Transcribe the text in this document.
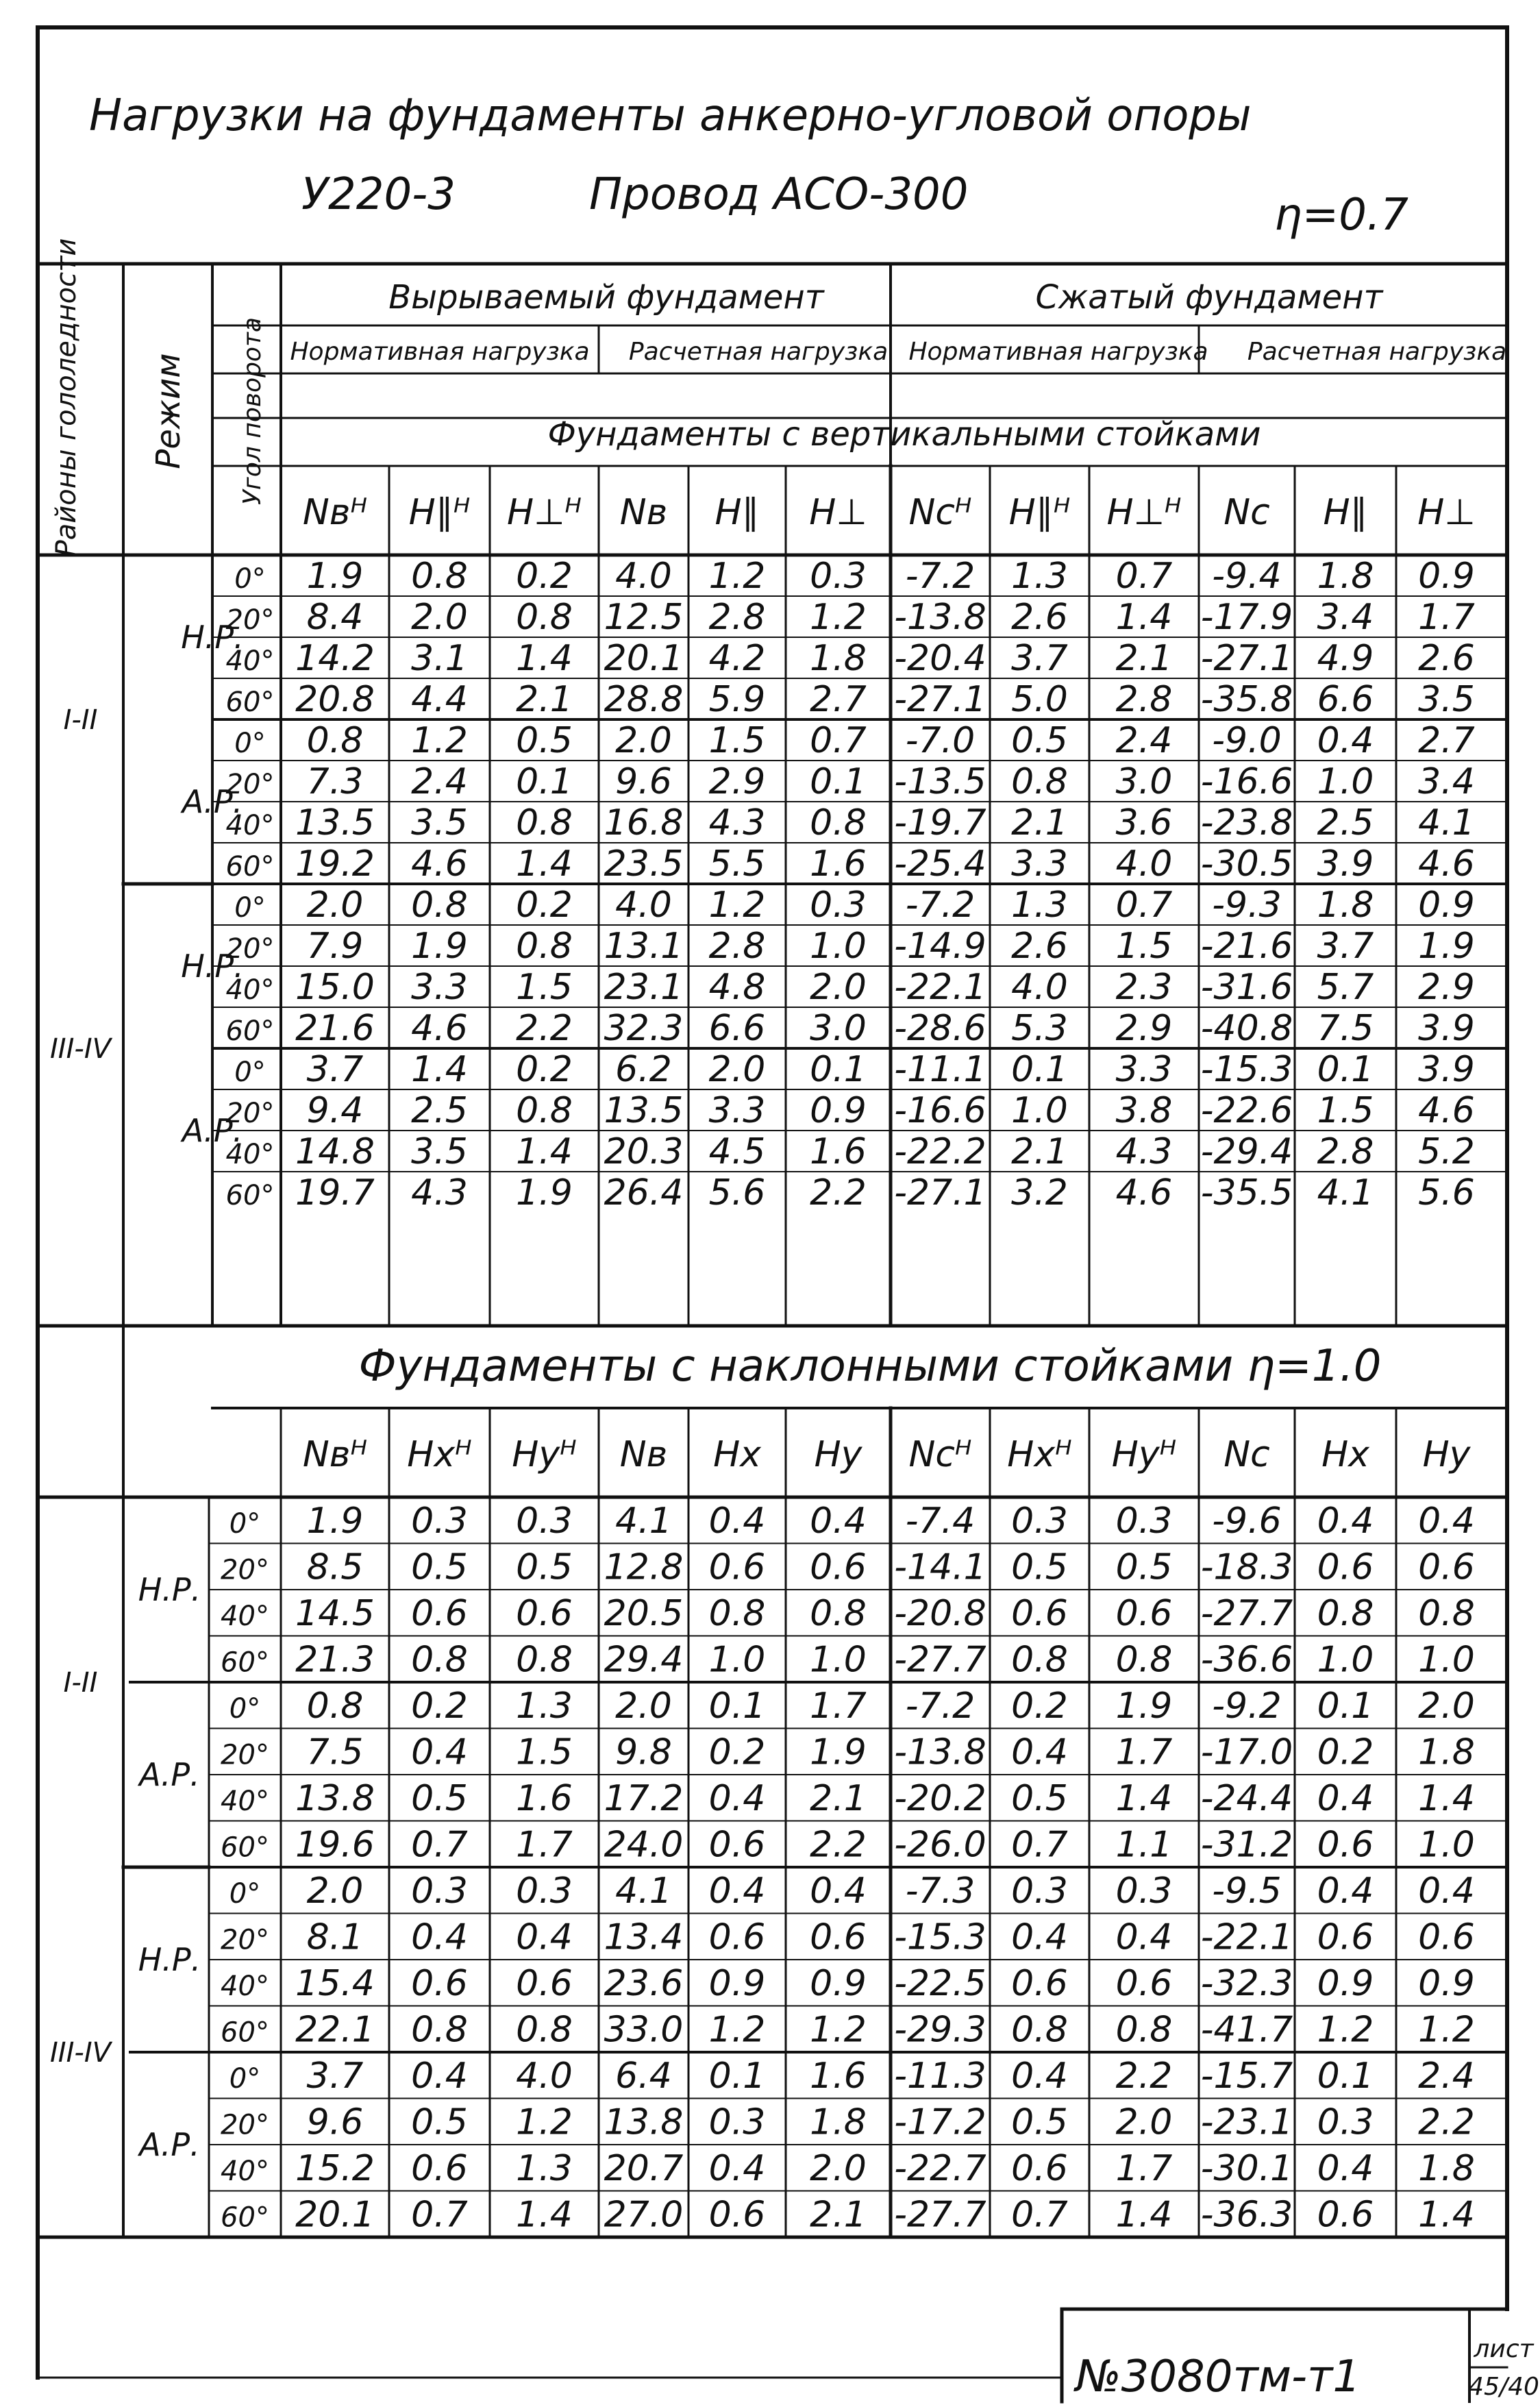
Нагрузки на фундаменты анкерно-угловой опоры
У220-3	Провод АСО-300	η=0.7
Районы гололедности Режим Угол поворота
Вырываемый фундамент	Сжатый фундамент
Нормативная нагрузка Расчетная нагрузка Нормативная нагрузка Расчетная нагрузка
Фундаменты с вертикальными стойками
Фундаменты с наклонными стойками η=1.0
№3080тм-т1
лист
45/40
Nвᴴ H∥ᴴ H⊥ᴴ Nв H∥ H⊥ Nсᴴ H∥ᴴ H⊥ᴴ Nс H∥ H⊥
0° 1.9 0.8 0.2 4.0 1.2 0.3 -7.2 1.3 0.7 -9.4 1.8 0.9
20° 8.4 2.0 0.8 12.5 2.8 1.2 -13.8 2.6 1.4 -17.9 3.4 1.7
40° 14.2 3.1 1.4 20.1 4.2 1.8 -20.4 3.7 2.1 -27.1 4.9 2.6
60° 20.8 4.4 2.1 28.8 5.9 2.7 -27.1 5.0 2.8 -35.8 6.6 3.5
0° 0.8 1.2 0.5 2.0 1.5 0.7 -7.0 0.5 2.4 -9.0 0.4 2.7
20° 7.3 2.4 0.1 9.6 2.9 0.1 -13.5 0.8 3.0 -16.6 1.0 3.4
40° 13.5 3.5 0.8 16.8 4.3 0.8 -19.7 2.1 3.6 -23.8 2.5 4.1
60° 19.2 4.6 1.4 23.5 5.5 1.6 -25.4 3.3 4.0 -30.5 3.9 4.6
0° 2.0 0.8 0.2 4.0 1.2 0.3 -7.2 1.3 0.7 -9.3 1.8 0.9
20° 7.9 1.9 0.8 13.1 2.8 1.0 -14.9 2.6 1.5 -21.6 3.7 1.9
40° 15.0 3.3 1.5 23.1 4.8 2.0 -22.1 4.0 2.3 -31.6 5.7 2.9
60° 21.6 4.6 2.2 32.3 6.6 3.0 -28.6 5.3 2.9 -40.8 7.5 3.9
0° 3.7 1.4 0.2 6.2 2.0 0.1 -11.1 0.1 3.3 -15.3 0.1 3.9
20° 9.4 2.5 0.8 13.5 3.3 0.9 -16.6 1.0 3.8 -22.6 1.5 4.6
40° 14.8 3.5 1.4 20.3 4.5 1.6 -22.2 2.1 4.3 -29.4 2.8 5.2
60° 19.7 4.3 1.9 26.4 5.6 2.2 -27.1 3.2 4.6 -35.5 4.1 5.6
Н.Р.
А.Р.
Н.Р.
А.Р.
I-II
III-IV
Nвᴴ Hxᴴ Hyᴴ Nв Hx Hy Nсᴴ Hxᴴ Hyᴴ Nс Hx Hy
0° 1.9 0.3 0.3 4.1 0.4 0.4 -7.4 0.3 0.3 -9.6 0.4 0.4
20° 8.5 0.5 0.5 12.8 0.6 0.6 -14.1 0.5 0.5 -18.3 0.6 0.6
40° 14.5 0.6 0.6 20.5 0.8 0.8 -20.8 0.6 0.6 -27.7 0.8 0.8
60° 21.3 0.8 0.8 29.4 1.0 1.0 -27.7 0.8 0.8 -36.6 1.0 1.0
0° 0.8 0.2 1.3 2.0 0.1 1.7 -7.2 0.2 1.9 -9.2 0.1 2.0
20° 7.5 0.4 1.5 9.8 0.2 1.9 -13.8 0.4 1.7 -17.0 0.2 1.8
40° 13.8 0.5 1.6 17.2 0.4 2.1 -20.2 0.5 1.4 -24.4 0.4 1.4
60° 19.6 0.7 1.7 24.0 0.6 2.2 -26.0 0.7 1.1 -31.2 0.6 1.0
0° 2.0 0.3 0.3 4.1 0.4 0.4 -7.3 0.3 0.3 -9.5 0.4 0.4
20° 8.1 0.4 0.4 13.4 0.6 0.6 -15.3 0.4 0.4 -22.1 0.6 0.6
40° 15.4 0.6 0.6 23.6 0.9 0.9 -22.5 0.6 0.6 -32.3 0.9 0.9
60° 22.1 0.8 0.8 33.0 1.2 1.2 -29.3 0.8 0.8 -41.7 1.2 1.2
0° 3.7 0.4 4.0 6.4 0.1 1.6 -11.3 0.4 2.2 -15.7 0.1 2.4
20° 9.6 0.5 1.2 13.8 0.3 1.8 -17.2 0.5 2.0 -23.1 0.3 2.2
40° 15.2 0.6 1.3 20.7 0.4 2.0 -22.7 0.6 1.7 -30.1 0.4 1.8
60° 20.1 0.7 1.4 27.0 0.6 2.1 -27.7 0.7 1.4 -36.3 0.6 1.4
Н.Р.
А.Р.
Н.Р.
А.Р.
I-II
III-IV
